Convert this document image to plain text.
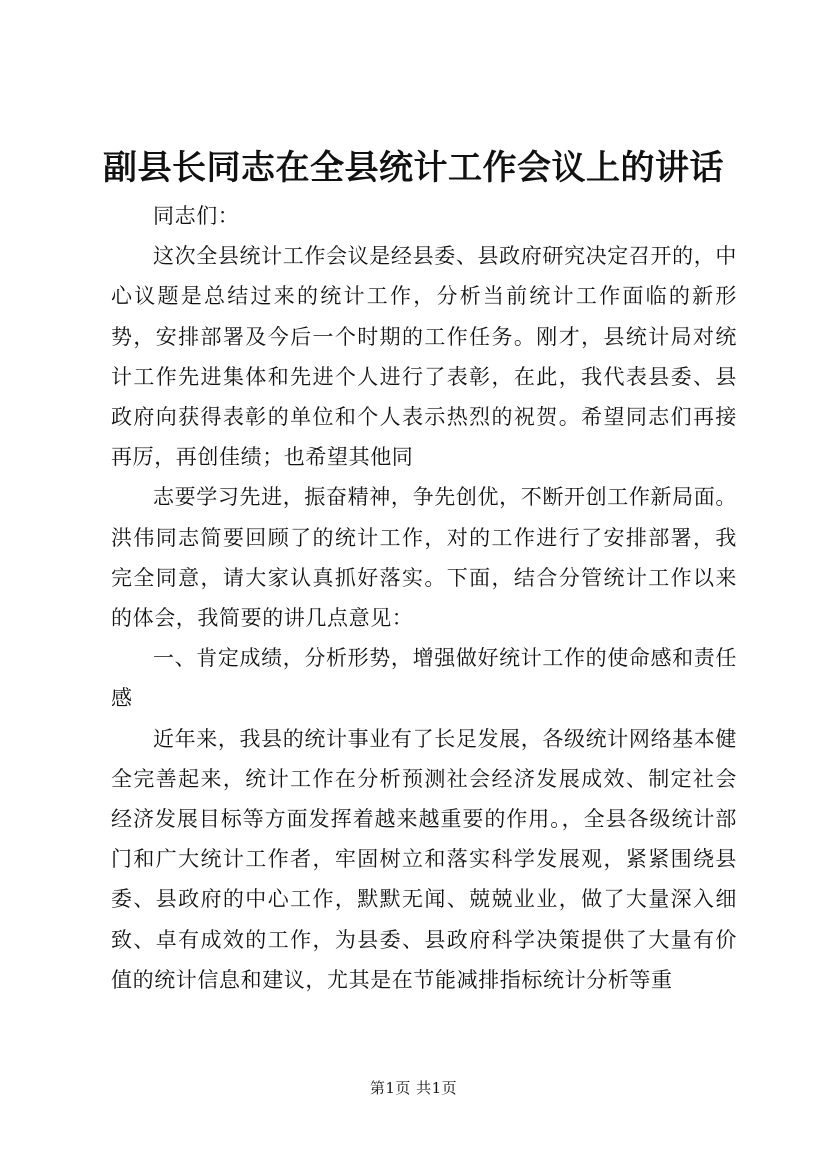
副县长同志在全县统计工作会议上的讲话

同志们：

这次全县统计工作会议是经县委、县政府研究决定召开的，中心议题是总结过来的统计工作，分析当前统计工作面临的新形势，安排部署及今后一个时期的工作任务。刚才，县统计局对统计工作先进集体和先进个人进行了表彰，在此，我代表县委、县政府向获得表彰的单位和个人表示热烈的祝贺。希望同志们再接再厉，再创佳绩；也希望其他同

志要学习先进，振奋精神，争先创优，不断开创工作新局面。洪伟同志简要回顾了的统计工作，对的工作进行了安排部署，我完全同意，请大家认真抓好落实。下面，结合分管统计工作以来的体会，我简要的讲几点意见：

一、肯定成绩，分析形势，增强做好统计工作的使命感和责任感

近年来，我县的统计事业有了长足发展，各级统计网络基本健全完善起来，统计工作在分析预测社会经济发展成效、制定社会经济发展目标等方面发挥着越来越重要的作用。，全县各级统计部门和广大统计工作者，牢固树立和落实科学发展观，紧紧围绕县委、县政府的中心工作，默默无闻、兢兢业业，做了大量深入细致、卓有成效的工作，为县委、县政府科学决策提供了大量有价值的统计信息和建议，尤其是在节能减排指标统计分析等重

第1页 共1页
